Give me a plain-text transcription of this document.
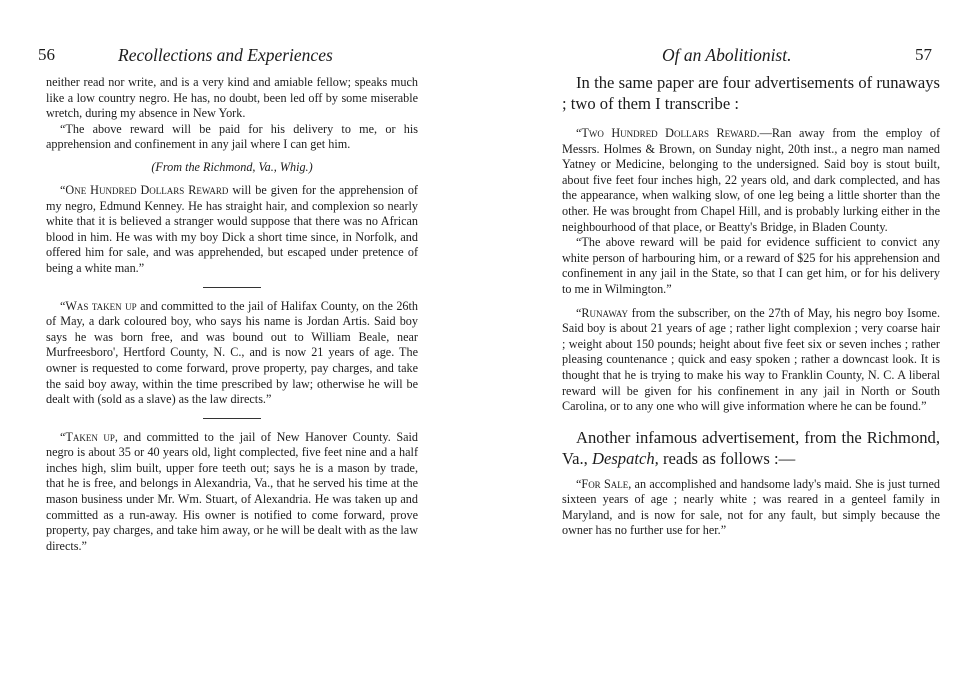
56	Recollections and Experiences

neither read nor write, and is a very kind and amiable fellow; speaks much like a low country negro. He has, no doubt, been led off by some miserable wretch, during my absence in New York.

“The above reward will be paid for his delivery to me, or his apprehension and confinement in any jail where I can get him.

(From the Richmond, Va., Whig.)

“One Hundred Dollars Reward will be given for the apprehension of my negro, Edmund Kenney. He has straight hair, and complexion so nearly white that it is believed a stranger would suppose that there was no African blood in him. He was with my boy Dick a short time since, in Norfolk, and offered him for sale, and was apprehended, but escaped under pretence of being a white man.”

“Was taken up and committed to the jail of Halifax County, on the 26th of May, a dark coloured boy, who says his name is Jordan Artis. Said boy says he was born free, and was bound out to William Beale, near Murfreesboro', Hertford County, N. C., and is now 21 years of age. The owner is requested to come forward, prove property, pay charges, and take the said boy away, within the time prescribed by law; otherwise he will be dealt with (sold as a slave) as the law directs.”

“Taken up, and committed to the jail of New Hanover County. Said negro is about 35 or 40 years old, light complected, five feet nine and a half inches high, slim built, upper fore teeth out; says he is a mason by trade, that he is free, and belongs in Alexandria, Va., that he served his time at the mason business under Mr. Wm. Stuart, of Alexandria. He was taken up and committed as a run-away. His owner is notified to come forward, prove property, pay charges, and take him away, or he will be dealt with as the law directs.”

Of an Abolitionist.	57

In the same paper are four advertisements of runaways ; two of them I transcribe :

“Two Hundred Dollars Reward.—Ran away from the employ of Messrs. Holmes & Brown, on Sunday night, 20th inst., a negro man named Yatney or Medicine, belonging to the undersigned. Said boy is stout built, about five feet four inches high, 22 years old, and dark complected, and has the appearance, when walking slow, of one leg being a little shorter than the other. He was brought from Chapel Hill, and is probably lurking either in the neighbourhood of that place, or Beatty's Bridge, in Bladen County.

“The above reward will be paid for evidence sufficient to convict any white person of harbouring him, or a reward of $25 for his apprehension and confinement in any jail in the State, so that I can get him, or for his delivery to me in Wilmington.”

“Runaway from the subscriber, on the 27th of May, his negro boy Isome. Said boy is about 21 years of age ; rather light complexion ; very coarse hair ; weight about 150 pounds; height about five feet six or seven inches ; rather pleasing countenance ; quick and easy spoken ; rather a downcast look. It is thought that he is trying to make his way to Franklin County, N. C. A liberal reward will be given for his confinement in any jail in North or South Carolina, or to any one who will give information where he can be found.”

Another infamous advertisement, from the Richmond, Va., Despatch, reads as follows :—

“For Sale, an accomplished and handsome lady's maid. She is just turned sixteen years of age ; nearly white ; was reared in a genteel family in Maryland, and is now for sale, not for any fault, but simply because the owner has no further use for her.”
